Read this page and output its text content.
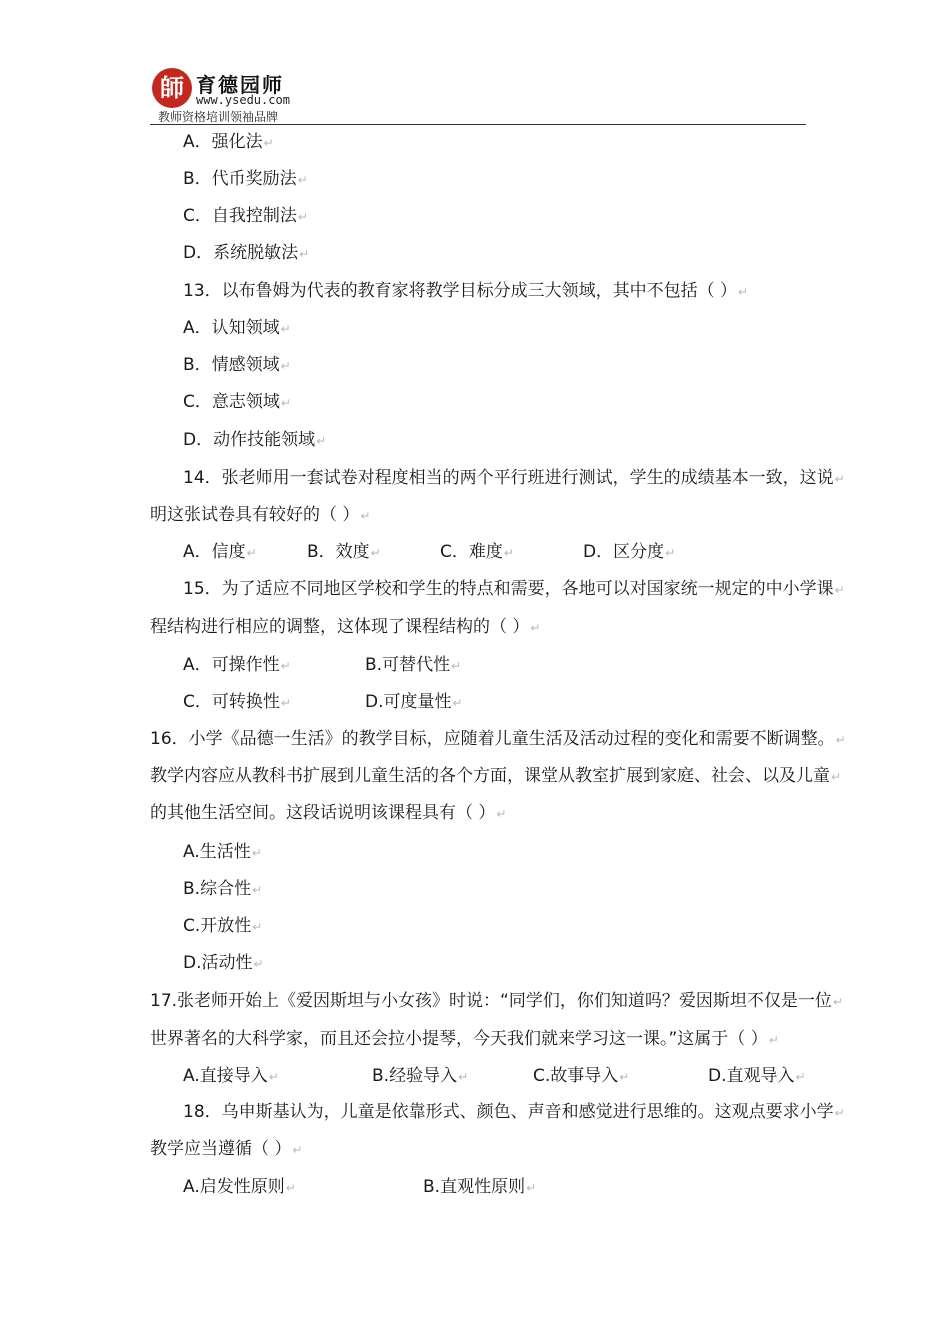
師 育德园师
www.ysedu.com
教师资格培训领袖品牌
A．强化法↵
B．代币奖励法↵
C．自我控制法↵
D．系统脱敏法↵
13．以布鲁姆为代表的教育家将教学目标分成三大领域，其中不包括（ ）↵
A．认知领域↵
B．情感领域↵
C．意志领域↵
D．动作技能领域↵
14．张老师用一套试卷对程度相当的两个平行班进行测试，学生的成绩基本一致，这说↵
明这张试卷具有较好的（ ）↵
A．信度↵	B．效度↵	C．难度↵	D．区分度↵
15．为了适应不同地区学校和学生的特点和需要，各地可以对国家统一规定的中小学课↵
程结构进行相应的调整，这体现了课程结构的（ ）↵
A．可操作性↵	B.可替代性↵
C．可转换性↵	D.可度量性↵
16．小学《品德一生活》的教学目标，应随着儿童生活及活动过程的变化和需要不断调整。↵
教学内容应从教科书扩展到儿童生活的各个方面，课堂从教室扩展到家庭、社会、以及儿童↵
的其他生活空间。这段话说明该课程具有（ ）↵
A.生活性↵
B.综合性↵
C.开放性↵
D.活动性↵
17.张老师开始上《爱因斯坦与小女孩》时说：“同学们，你们知道吗？爱因斯坦不仅是一位↵
世界著名的大科学家，而且还会拉小提琴，今天我们就来学习这一课。”这属于（ ）↵
A.直接导入↵	B.经验导入↵	C.故事导入↵	D.直观导入↵
18．乌申斯基认为，儿童是依靠形式、颜色、声音和感觉进行思维的。这观点要求小学↵
教学应当遵循（ ）↵
A.启发性原则↵	B.直观性原则↵
